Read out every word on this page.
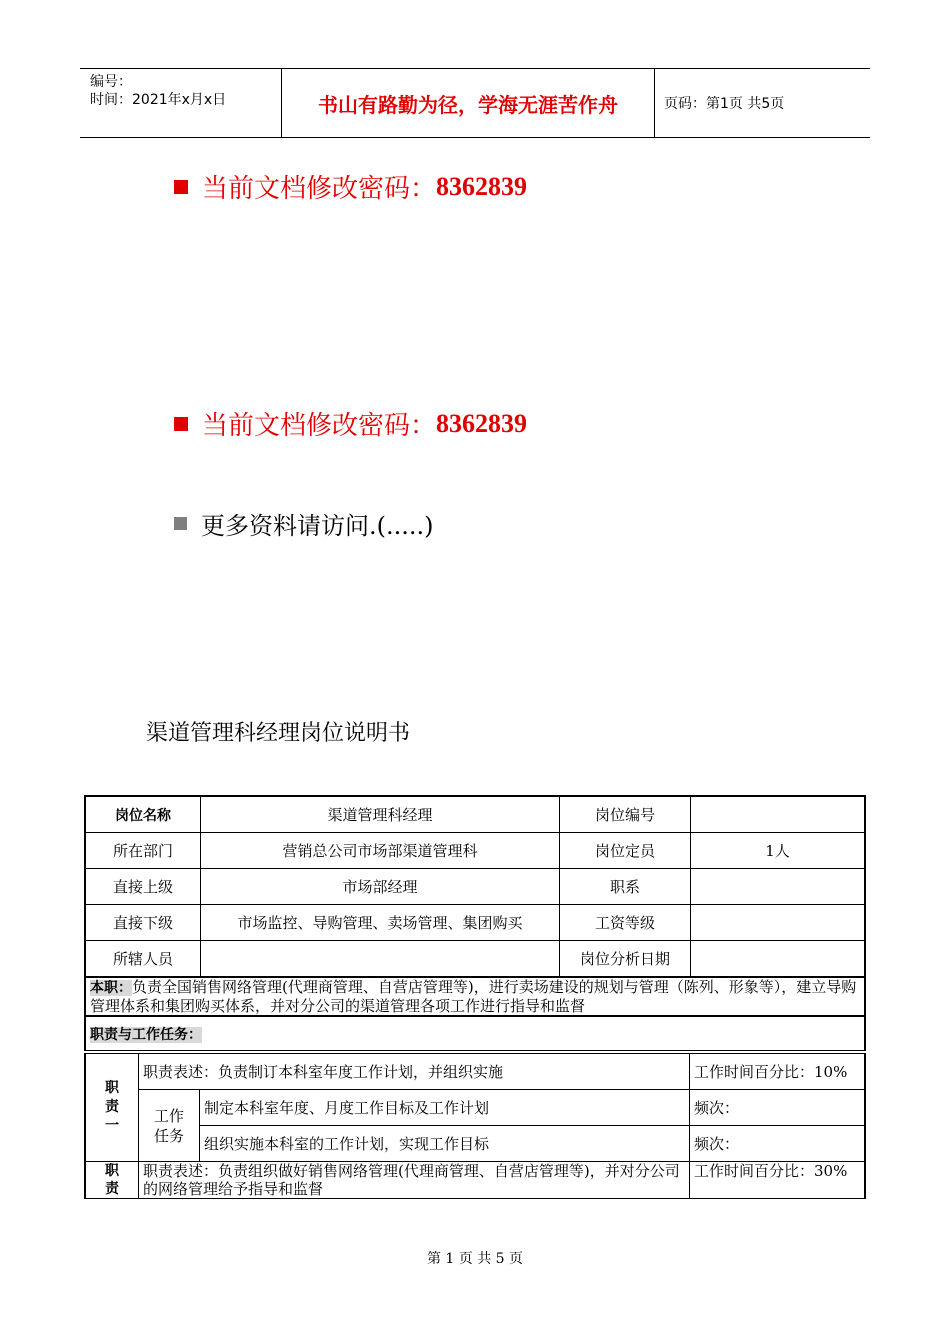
编号：
时间：2021年x月x日	书山有路勤为径，学海无涯苦作舟	页码：第1页 共5页
当前文档修改密码： 8362839
当前文档修改密码： 8362839
更多资料请访问.(.....)
渠道管理科经理岗位说明书
岗位名称	渠道管理科经理	岗位编号	
所在部门	营销总公司市场部渠道管理科	岗位定员	1人
直接上级	市场部经理	职系	
直接下级	市场监控、导购管理、卖场管理、集团购买	工资等级	
所辖人员		岗位分析日期	
本职：负责全国销售网络管理(代理商管理、自营店管理等)，进行卖场建设的规划与管理（陈列、形象等），建立导购管理体系和集团购买体系，并对分公司的渠道管理各项工作进行指导和监督			
职责与工作任务：			
职责一	职责表述：负责制订本科室年度工作计划，并组织实施		工作时间百分比：10%
	工作任务	制定本科室年度、月度工作目标及工作计划	频次：
		组织实施本科室的工作计划，实现工作目标	频次：
职责	职责表述：负责组织做好销售网络管理(代理商管理、自营店管理等)，并对分公司的网络管理给予指导和监督		工作时间百分比：30%
第 1 页 共 5 页
